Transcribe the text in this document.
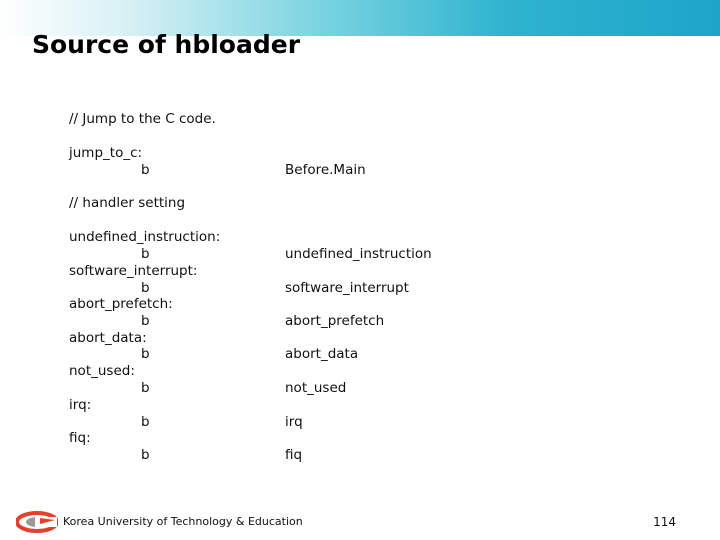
Source of hbloader
// Jump to the C code.
jump_to_c:
b	Before.Main
// handler setting
undefined_instruction:
b	undefined_instruction
software_interrupt:
b	software_interrupt
abort_prefetch:
b	abort_prefetch
abort_data:
b	abort_data
not_used:
b	not_used
irq:
b	irq
fiq:
b	fiq
Korea University of Technology & Education	114
